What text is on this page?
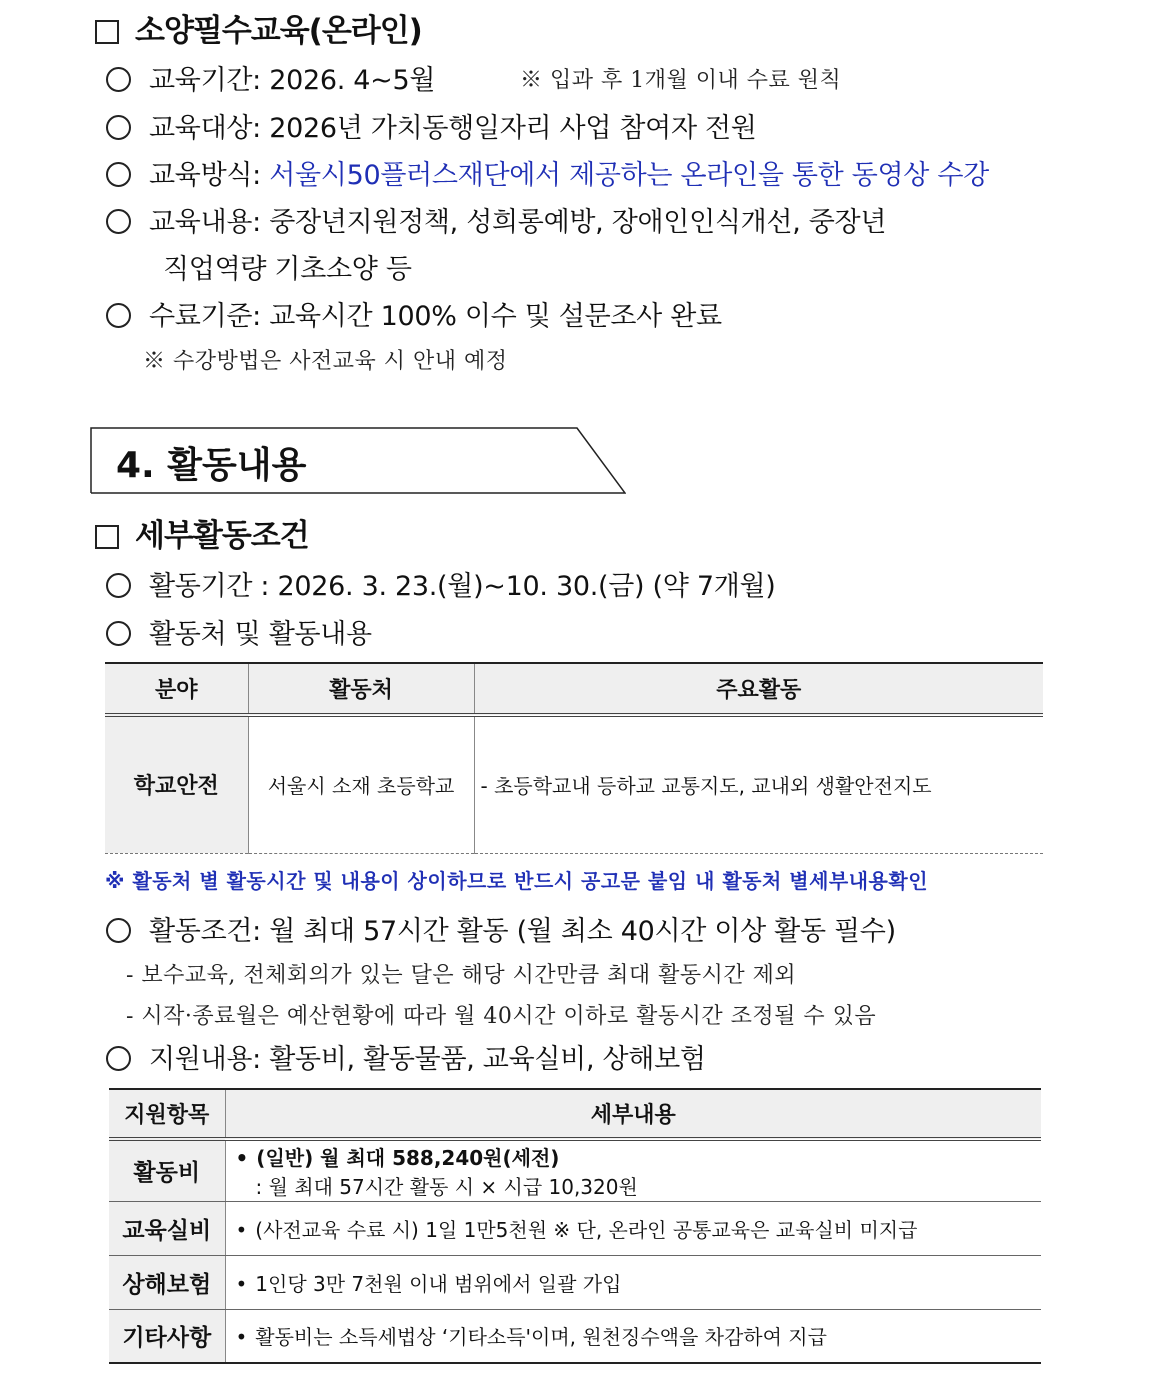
소양필수교육(온라인)
교육기간: 2026. 4~5월	※ 입과 후 1개월 이내 수료 원칙
교육대상: 2026년 가치동행일자리 사업 참여자 전원
교육방식: 서울시50플러스재단에서 제공하는 온라인을 통한 동영상 수강
교육내용: 중장년지원정책, 성희롱예방, 장애인인식개선, 중장년
직업역량 기초소양 등
수료기준: 교육시간 100% 이수 및 설문조사 완료
※ 수강방법은 사전교육 시 안내 예정
4. 활동내용
세부활동조건
활동기간 : 2026. 3. 23.(월)~10. 30.(금) (약 7개월)
활동처 및 활동내용
분야	활동처	주요활동
학교안전	서울시 소재 초등학교	- 초등학교내 등하교 교통지도, 교내외 생활안전지도
※ 활동처 별 활동시간 및 내용이 상이하므로 반드시 공고문 붙임 내 활동처 별세부내용확인
활동조건: 월 최대 57시간 활동 (월 최소 40시간 이상 활동 필수)
- 보수교육, 전체회의가 있는 달은 해당 시간만큼 최대 활동시간 제외
- 시작·종료월은 예산현황에 따라 월 40시간 이하로 활동시간 조정될 수 있음
지원내용: 활동비, 활동물품, 교육실비, 상해보험
지원항목	세부내용
활동비	• (일반) 월 최대 588,240원(세전)
: 월 최대 57시간 활동 시 × 시급 10,320원

교육실비	• (사전교육 수료 시) 1일 1만5천원 ※ 단, 온라인 공통교육은 교육실비 미지급
상해보험	• 1인당 3만 7천원 이내 범위에서 일괄 가입
기타사항	• 활동비는 소득세법상 ‘기타소득'이며, 원천징수액을 차감하여 지급
